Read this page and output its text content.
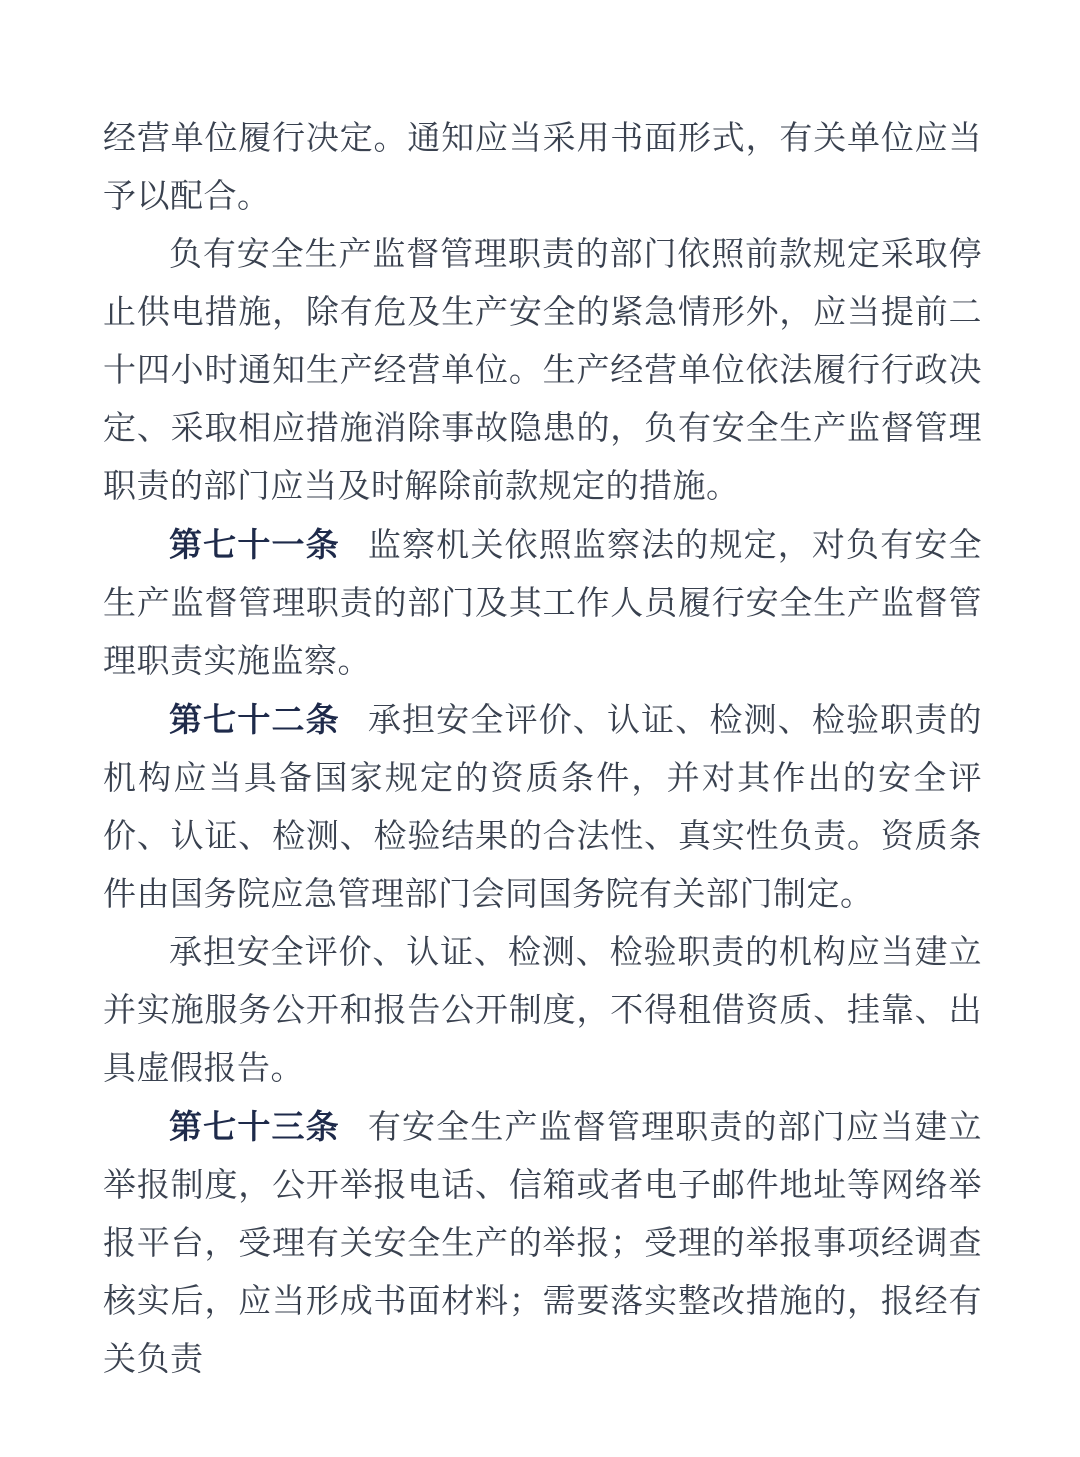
经营单位履行决定。通知应当采用书面形式，有关单位应当予以配合。

负有安全生产监督管理职责的部门依照前款规定采取停止供电措施，除有危及生产安全的紧急情形外，应当提前二十四小时通知生产经营单位。生产经营单位依法履行行政决定、采取相应措施消除事故隐患的，负有安全生产监督管理职责的部门应当及时解除前款规定的措施。

第七十一条 监察机关依照监察法的规定，对负有安全生产监督管理职责的部门及其工作人员履行安全生产监督管理职责实施监察。

第七十二条 承担安全评价、认证、检测、检验职责的机构应当具备国家规定的资质条件，并对其作出的安全评价、认证、检测、检验结果的合法性、真实性负责。资质条件由国务院应急管理部门会同国务院有关部门制定。

承担安全评价、认证、检测、检验职责的机构应当建立并实施服务公开和报告公开制度，不得租借资质、挂靠、出具虚假报告。

第七十三条 有安全生产监督管理职责的部门应当建立举报制度，公开举报电话、信箱或者电子邮件地址等网络举报平台，受理有关安全生产的举报；受理的举报事项经调查核实后，应当形成书面材料；需要落实整改措施的，报经有关负责
